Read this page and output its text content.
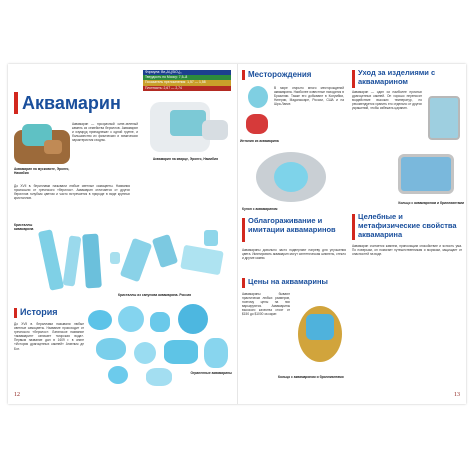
Формула: Be₃Al₂(SiO₃)₆
Твердость по Моосу: 7,5–8
Показатель преломления: 1,57 — 1,58
Плотность: 2,67 — 2,74
Аквамарин
Аквамарин на мусковите, Эронго, Намибия
Аквамарин — прозрачный сине-зеленый камень из семейства бериллов. Аквамарин и изумруд принадлежат к одной группе, и большинство их физических и химических характеристик сходны.
Аквамарин на кварце, Эронго, Намибия
До XVII в. бериллами называли любые светлые самоцветы. Названия произошли от греческого «берилос». Аквамарин отличается от других бериллов голубым цветом и часто встречается в природе в виде крупных кристаллов.
Кристаллы аквамарина
Кристаллы из сапунова аквамарина. Россия
История
До XVII в. бериллами называли любые светлые самоцветы. Название происходит от греческого «берилос». Латинское название «аквамарин» означает «морская вода». Первым название дал в 1609 г. в книге «История драгоценных камней» Анзельм де Бот.
Ограненные аквамарины
12
Месторождения
В мире открыто много месторождений аквамарина. Наиболее известные находятся в Бразилии. Также его добывают в Колумбии, Нигерии, Мадагаскаре, России, США и на Шри-Ланке.
Инталия из аквамарина
Кулон с аквамарином
Уход за изделиями с аквамарином
Аквамарин — один из наиболее прочных драгоценных камней. Он хорошо переносит воздействие высоких температур, но рекомендуется хранить его отдельно от других украшений, чтобы избежать царапин.
Кольцо с аквамарином и бриллиантами
Облагораживание и имитации аквамаринов
Аквамарины довольно часто подвергают нагреву для улучшения цвета. Имитировать аквамарин могут синтетическая шпинель, стекло и другие камни.
Цены на аквамарины
Аквамарины бывают практически любых размеров, поэтому цены на них варьируются. Аквамарины высокого качества стоят от $150 до $1000 за карат.
Кольцо с аквамарином и бриллиантами
Целебные и метафизические свойства аквамарина
Аквамарин считается камнем, приносящим спокойствие и ясность ума. По поверьям, он помогает путешественникам и морякам, защищает от опасностей на воде.
13
